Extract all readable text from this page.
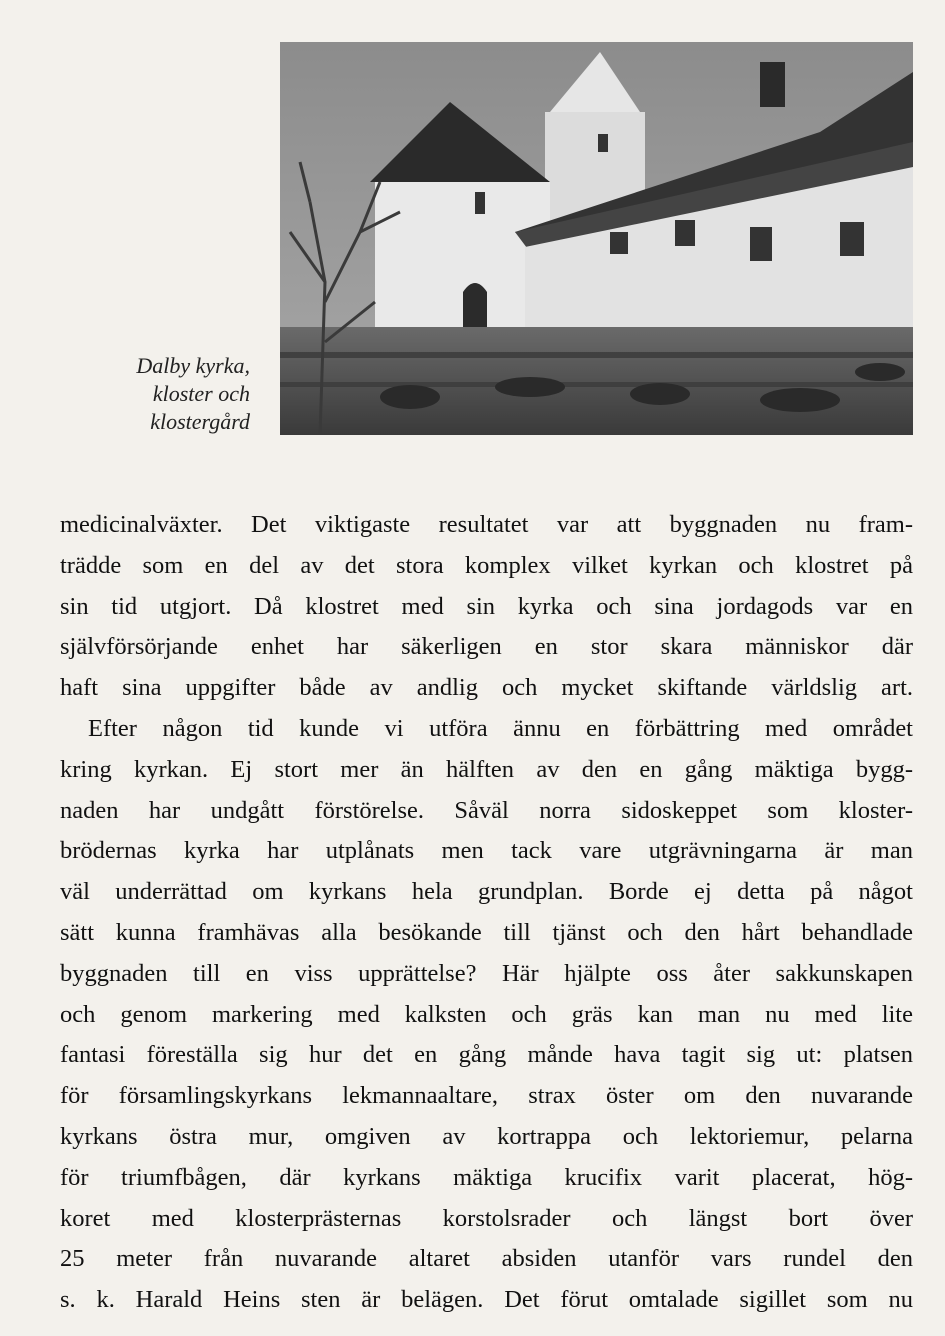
Dalby kyrka,
kloster och
klostergård
medicinalväxter. Det viktigaste resultatet var att byggnaden nu fram-
trädde som en del av det stora komplex vilket kyrkan och klostret på
sin tid utgjort. Då klostret med sin kyrka och sina jordagods var en
självförsörjande enhet har säkerligen en stor skara människor där
haft sina uppgifter både av andlig och mycket skiftande världslig art.
Efter någon tid kunde vi utföra ännu en förbättring med området
kring kyrkan. Ej stort mer än hälften av den en gång mäktiga bygg-
naden har undgått förstörelse. Såväl norra sidoskeppet som kloster-
brödernas kyrka har utplånats men tack vare utgrävningarna är man
väl underrättad om kyrkans hela grundplan. Borde ej detta på något
sätt kunna framhävas alla besökande till tjänst och den hårt behandlade
byggnaden till en viss upprättelse? Här hjälpte oss åter sakkunskapen
och genom markering med kalksten och gräs kan man nu med lite
fantasi föreställa sig hur det en gång månde hava tagit sig ut: platsen
för församlingskyrkans lekmannaaltare, strax öster om den nuvarande
kyrkans östra mur, omgiven av kortrappa och lektoriemur, pelarna
för triumfbågen, där kyrkans mäktiga krucifix varit placerat, hög-
koret med klosterprästernas korstolsrader och längst bort över
25 meter från nuvarande altaret absiden utanför vars rundel den
s. k. Harald Heins sten är belägen. Det förut omtalade sigillet som nu
